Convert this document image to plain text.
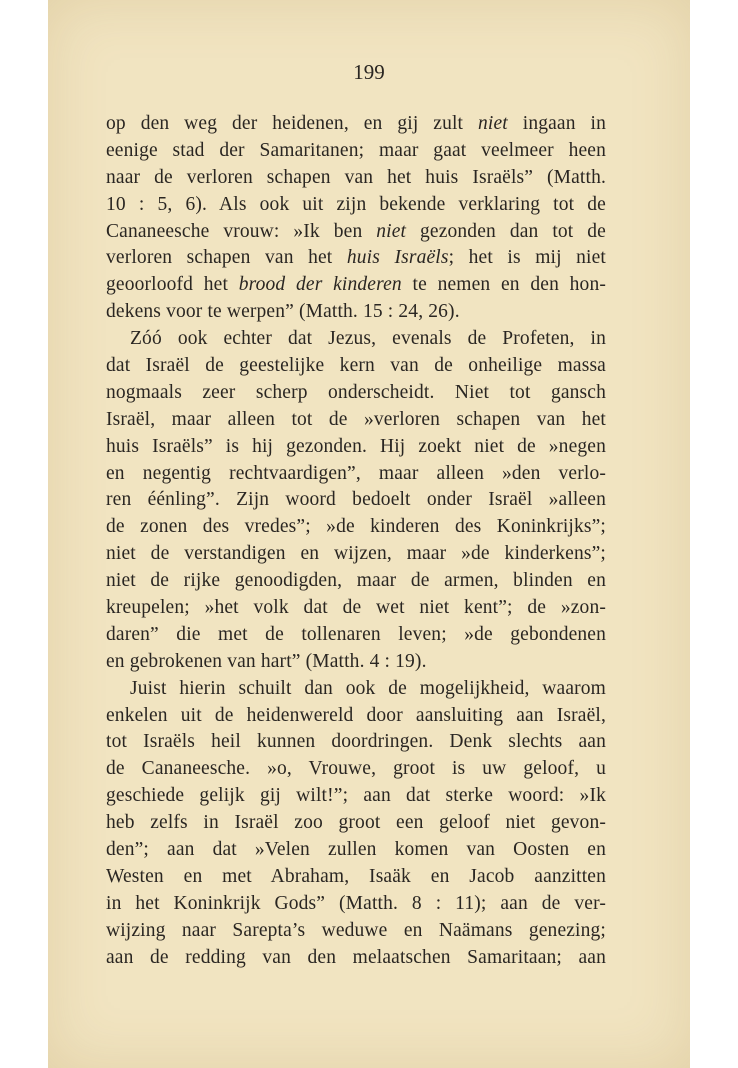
199
op den weg der heidenen, en gij zult niet ingaan in
eenige stad der Samaritanen; maar gaat veelmeer heen
naar de verloren schapen van het huis Israëls” (Matth.
10 : 5, 6). Als ook uit zijn bekende verklaring tot de
Cananeesche vrouw: »Ik ben niet gezonden dan tot de
verloren schapen van het huis Israëls; het is mij niet
geoorloofd het brood der kinderen te nemen en den hon-
dekens voor te werpen” (Matth. 15 : 24, 26).
Zóó ook echter dat Jezus, evenals de Profeten, in
dat Israël de geestelijke kern van de onheilige massa
nogmaals zeer scherp onderscheidt. Niet tot gansch
Israël, maar alleen tot de »verloren schapen van het
huis Israëls” is hij gezonden. Hij zoekt niet de »negen
en negentig rechtvaardigen”, maar alleen »den verlo-
ren éénling”. Zijn woord bedoelt onder Israël »alleen
de zonen des vredes”; »de kinderen des Koninkrijks”;
niet de verstandigen en wijzen, maar »de kinderkens”;
niet de rijke genoodigden, maar de armen, blinden en
kreupelen; »het volk dat de wet niet kent”; de »zon-
daren” die met de tollenaren leven; »de gebondenen
en gebrokenen van hart” (Matth. 4 : 19).
Juist hierin schuilt dan ook de mogelijkheid, waarom
enkelen uit de heidenwereld door aansluiting aan Israël,
tot Israëls heil kunnen doordringen. Denk slechts aan
de Cananeesche. »o, Vrouwe, groot is uw geloof, u
geschiede gelijk gij wilt!”; aan dat sterke woord: »Ik
heb zelfs in Israël zoo groot een geloof niet gevon-
den”; aan dat »Velen zullen komen van Oosten en
Westen en met Abraham, Isaäk en Jacob aanzitten
in het Koninkrijk Gods” (Matth. 8 : 11); aan de ver-
wijzing naar Sarepta’s weduwe en Naämans genezing;
aan de redding van den melaatschen Samaritaan; aan
